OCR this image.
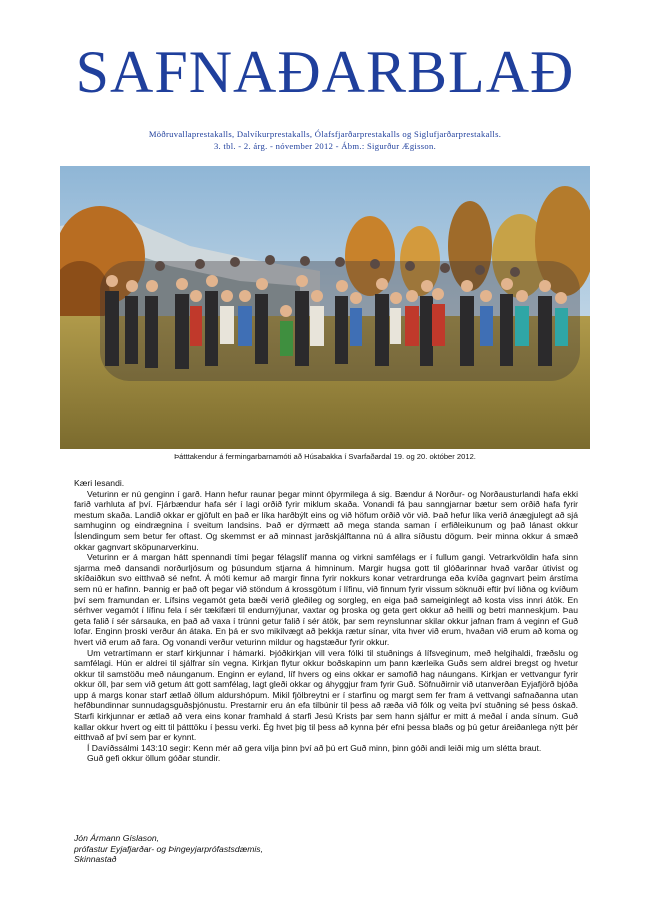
SAFNAÐARBLAÐ
Möðruvallaprestakalls, Dalvíkurprestakalls, Ólafsfjarðarprestakalls og Siglufjarðarprestakalls.
3. tbl. - 2. árg. - nóvember 2012 - Ábm.: Sigurður Ægisson.
Þátttakendur á fermingarbarnamóti að Húsabakka í Svarfaðardal 19. og 20. október 2012.

Kæri lesandi.

Veturinn er nú genginn í garð. Hann hefur raunar þegar minnt óþyrmilega á sig. Bændur á Norður- og Norðausturlandi hafa ekki farið varhluta af því. Fjárbændur hafa sér í lagi orðið fyrir miklum skaða. Vonandi fá þau sanngjarnar bætur sem orðið hafa fyrir mestum skaða. Landið okkar er gjöfult en það er líka harðbýlt eins og við höfum orðið vör við. Það hefur líka verið ánægjulegt að sjá samhuginn og eindrægnina í sveitum landsins. Það er dýrmætt að mega standa saman í erfiðleikunum og það lánast okkur Íslendingum sem betur fer oftast. Og skemmst er að minnast jarðskjálftanna nú á allra síðustu dögum. Þeir minna okkur á smæð okkar gagnvart sköpunarverkinu.

Veturinn er á margan hátt spennandi tími þegar félagslíf manna og virkni samfélags er í fullum gangi. Vetrarkvöldin hafa sinn sjarma með dansandi norðurljósum og þúsundum stjarna á himninum. Margir hugsa gott til glóðarinnar hvað varðar útivist og skíðaiðkun svo eitthvað sé nefnt. Á móti kemur að margir finna fyrir nokkurs konar vetrardrunga eða kvíða gagnvart þeim árstíma sem nú er hafinn. Þannig er það oft þegar við stöndum á krossgötum í lífinu, við finnum fyrir vissum söknuði eftir því liðna og kvíðum því sem framundan er. Lífsins vegamót geta bæði verið gleðileg og sorgleg, en eiga það sameiginlegt að kosta viss innri átök. En sérhver vegamót í lífinu fela í sér tækifæri til endurnýjunar, vaxtar og þroska og geta gert okkur að heilli og betri manneskjum. Þau geta falið í sér sársauka, en það að vaxa í trúnni getur falið í sér átök, þar sem reynslunnar skilar okkur jafnan fram á veginn ef Guð lofar. Enginn þroski verður án átaka. En þá er svo mikilvægt að þekkja rætur sínar, vita hver við erum, hvaðan við erum að koma og hvert við erum að fara. Og vonandi verður veturinn mildur og hagstæður fyrir okkur.

Um vetrartímann er starf kirkjunnar í hámarki. Þjóðkirkjan vill vera fólki til stuðnings á lífsveginum, með helgihaldi, fræðslu og samfélagi. Hún er aldrei til sjálfrar sín vegna. Kirkjan flytur okkur boðskapinn um þann kærleika Guðs sem aldrei bregst og hvetur okkur til samstöðu með náunganum. Enginn er eyland, líf hvers og eins okkar er samofið hag náungans. Kirkjan er vettvangur fyrir okkur öll, þar sem við getum átt gott samfélag, lagt gleði okkar og áhyggjur fram fyrir Guð. Söfnuðirnir við utanverðan Eyjafjörð bjóða upp á margs konar starf ætlað öllum aldurshópum. Mikil fjölbreytni er í starfinu og margt sem fer fram á vettvangi safnaðanna utan hefðbundinnar sunnudagsguðsþjónustu. Prestarnir eru án efa tilbúnir til þess að ræða við fólk og veita því stuðning sé þess óskað. Starfi kirkjunnar er ætlað að vera eins konar framhald á starfi Jesú Krists þar sem hann sjálfur er mitt á meðal í anda sínum. Guð kallar okkur hvert og eitt til þátttöku í þessu verki. Ég hvet þig til þess að kynna þér efni þessa blaðs og þú getur áreiðanlega nýtt þér eitthvað af því sem þar er kynnt.

Í Davíðssálmi 143:10 segir: Kenn mér að gera vilja þinn því að þú ert Guð minn, þinn góði andi leiði mig um slétta braut.

Guð gefi okkur öllum góðar stundir.

Jón Ármann Gíslason,
prófastur Eyjafjarðar- og Þingeyjarprófastsdæmis,
Skinnastað
